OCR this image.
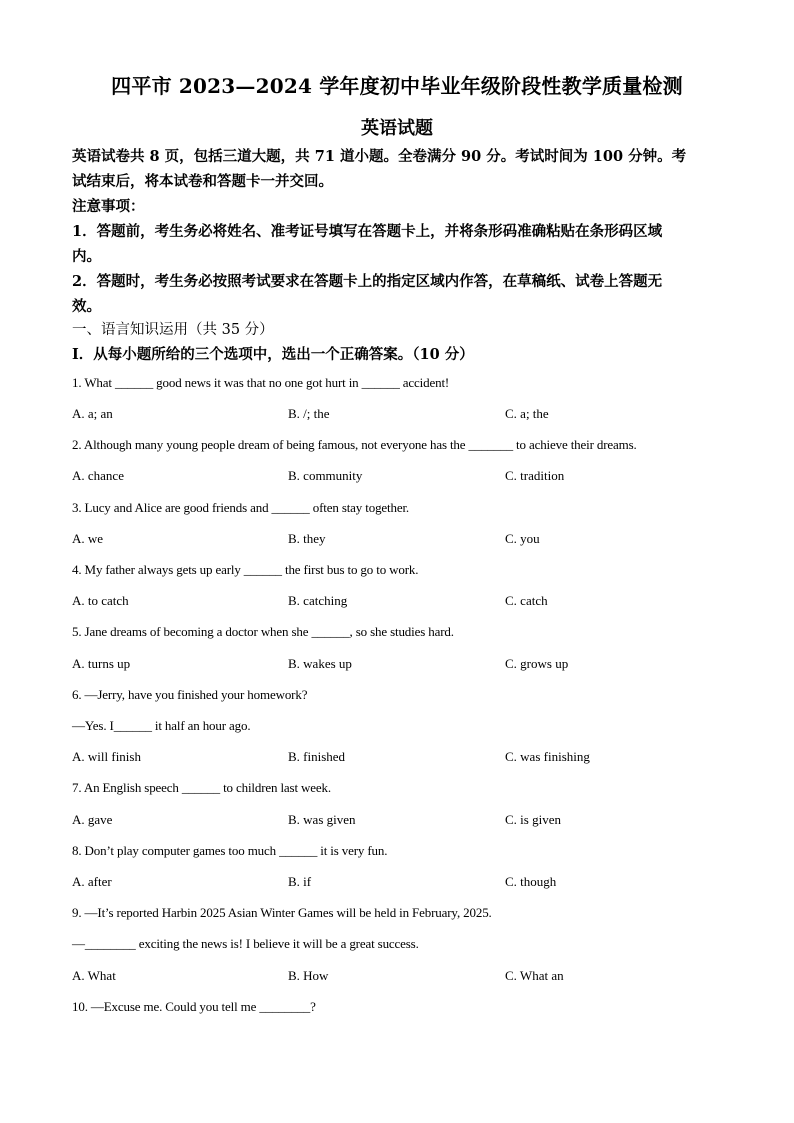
四平市 2023—2024 学年度初中毕业年级阶段性教学质量检测
英语试题
英语试卷共 8 页，包括三道大题，共 71 道小题。全卷满分 90 分。考试时间为 100 分钟。考
试结束后，将本试卷和答题卡一并交回。
注意事项：
1．答题前，考生务必将姓名、准考证号填写在答题卡上，并将条形码准确粘贴在条形码区域
内。
2．答题时，考生务必按照考试要求在答题卡上的指定区域内作答，在草稿纸、试卷上答题无
效。
一、语言知识运用（共 35 分）
Ⅰ．从每小题所给的三个选项中，选出一个正确答案。（10 分）
1. What ______ good news it was that no one got hurt in ______ accident!
A. a; an	B. /; the	C. a; the
2. Although many young people dream of being famous, not everyone has the _______ to achieve their dreams.
A. chance	B. community	C. tradition
3. Lucy and Alice are good friends and ______ often stay together.
A. we	B. they	C. you
4. My father always gets up early ______ the first bus to go to work.
A. to catch	B. catching	C. catch
5. Jane dreams of becoming a doctor when she ______, so she studies hard.
A. turns up	B. wakes up	C. grows up
6. —Jerry, have you finished your homework?
—Yes. I______ it half an hour ago.
A. will finish	B. finished	C. was finishing
7. An English speech ______ to children last week.
A. gave	B. was given	C. is given
8. Don’t play computer games too much ______ it is very fun.
A. after	B. if	C. though
9. —It’s reported Harbin 2025 Asian Winter Games will be held in February, 2025.
—________ exciting the news is! I believe it will be a great success.
A. What	B. How	C. What an
10. —Excuse me. Could you tell me ________?
